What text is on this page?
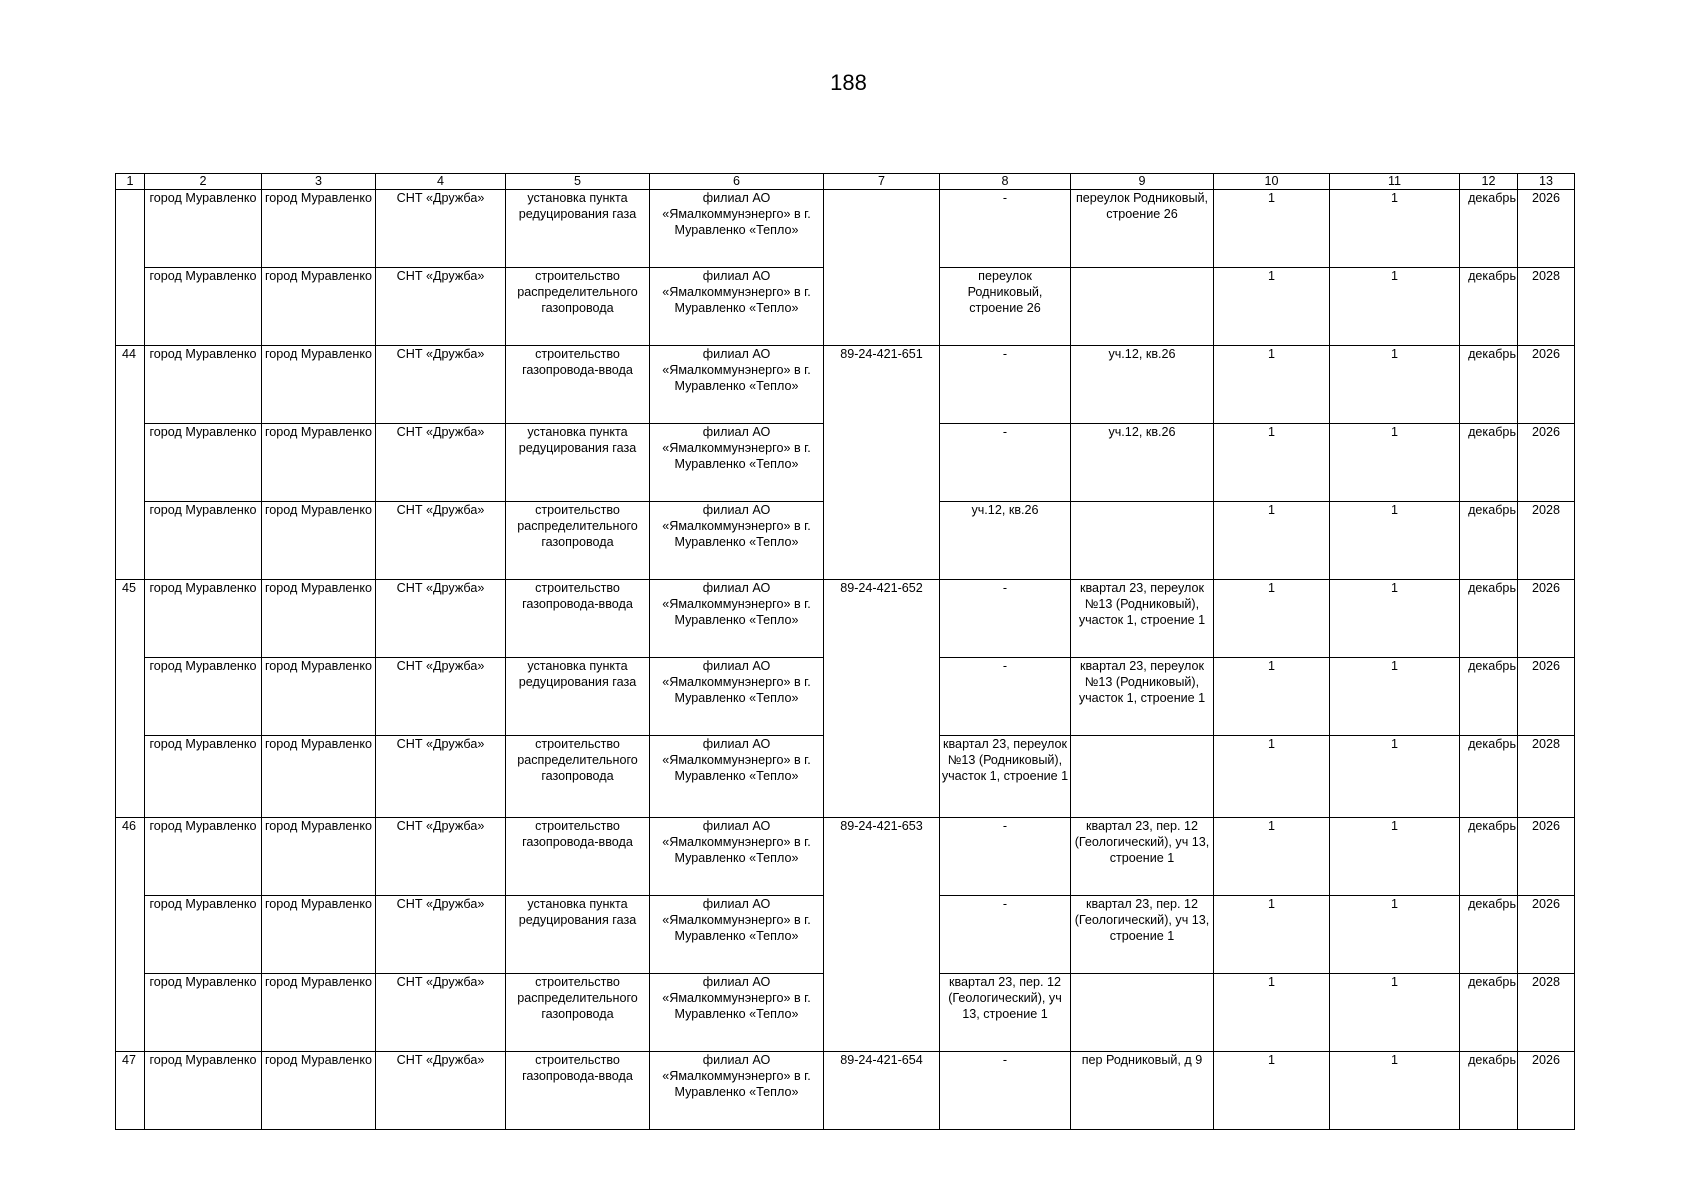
188
1	2	3	4	5	6	7	8	9	10	11	12	13
	город Муравленко	город Муравленко	СНТ «Дружба»	установка пункта редуцирования газа	филиал АО «Ямалкоммунэнерго» в г. Муравленко «Тепло»		-	переулок Родниковый, строение 26	1	1	декабрь	2026
	город Муравленко	город Муравленко	СНТ «Дружба»	строительство распределительного газопровода	филиал АО «Ямалкоммунэнерго» в г. Муравленко «Тепло»		переулок Родниковый, строение 26		1	1	декабрь	2028
44	город Муравленко	город Муравленко	СНТ «Дружба»	строительство газопровода-ввода	филиал АО «Ямалкоммунэнерго» в г. Муравленко «Тепло»	89-24-421-651	-	уч.12, кв.26	1	1	декабрь	2026
	город Муравленко	город Муравленко	СНТ «Дружба»	установка пункта редуцирования газа	филиал АО «Ямалкоммунэнерго» в г. Муравленко «Тепло»		-	уч.12, кв.26	1	1	декабрь	2026
	город Муравленко	город Муравленко	СНТ «Дружба»	строительство распределительного газопровода	филиал АО «Ямалкоммунэнерго» в г. Муравленко «Тепло»		уч.12, кв.26		1	1	декабрь	2028
45	город Муравленко	город Муравленко	СНТ «Дружба»	строительство газопровода-ввода	филиал АО «Ямалкоммунэнерго» в г. Муравленко «Тепло»	89-24-421-652	-	квартал 23, переулок №13 (Родниковый), участок 1, строение 1	1	1	декабрь	2026
	город Муравленко	город Муравленко	СНТ «Дружба»	установка пункта редуцирования газа	филиал АО «Ямалкоммунэнерго» в г. Муравленко «Тепло»		-	квартал 23, переулок №13 (Родниковый), участок 1, строение 1	1	1	декабрь	2026
	город Муравленко	город Муравленко	СНТ «Дружба»	строительство распределительного газопровода	филиал АО «Ямалкоммунэнерго» в г. Муравленко «Тепло»		квартал 23, переулок №13 (Родниковый), участок 1, строение 1		1	1	декабрь	2028
46	город Муравленко	город Муравленко	СНТ «Дружба»	строительство газопровода-ввода	филиал АО «Ямалкоммунэнерго» в г. Муравленко «Тепло»	89-24-421-653	-	квартал 23, пер. 12 (Геологический), уч 13, строение 1	1	1	декабрь	2026
	город Муравленко	город Муравленко	СНТ «Дружба»	установка пункта редуцирования газа	филиал АО «Ямалкоммунэнерго» в г. Муравленко «Тепло»		-	квартал 23, пер. 12 (Геологический), уч 13, строение 1	1	1	декабрь	2026
	город Муравленко	город Муравленко	СНТ «Дружба»	строительство распределительного газопровода	филиал АО «Ямалкоммунэнерго» в г. Муравленко «Тепло»		квартал 23, пер. 12 (Геологический), уч 13, строение 1		1	1	декабрь	2028
47	город Муравленко	город Муравленко	СНТ «Дружба»	строительство газопровода-ввода	филиал АО «Ямалкоммунэнерго» в г. Муравленко «Тепло»	89-24-421-654	-	пер Родниковый, д 9	1	1	декабрь	2026
